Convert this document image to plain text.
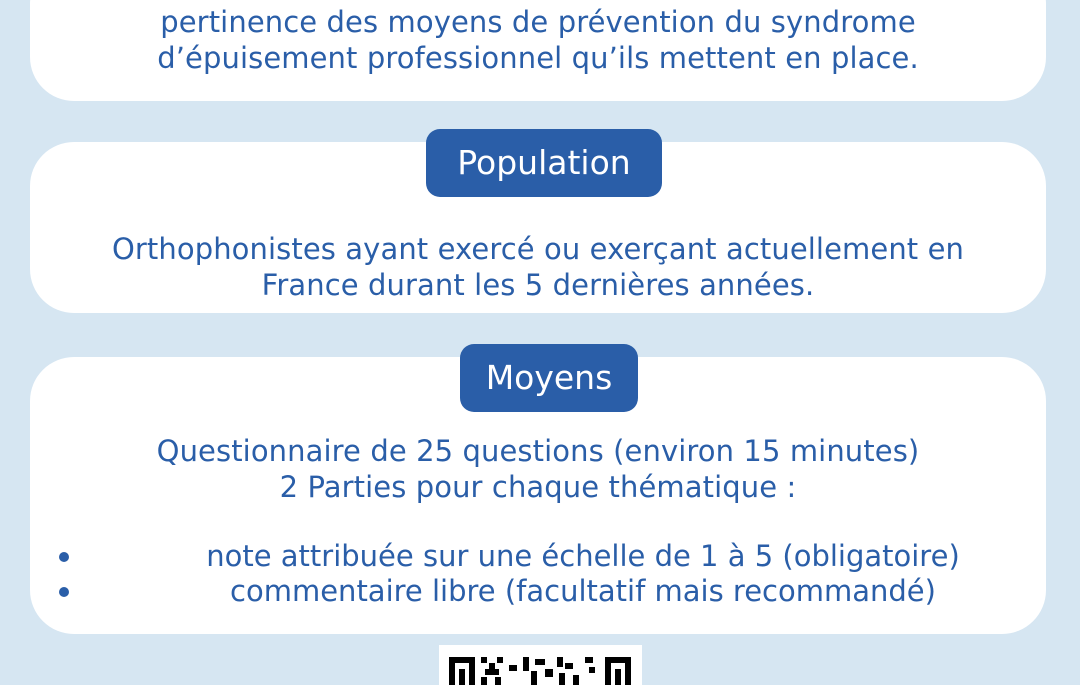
pertinence des moyens de prévention du syndrome
d’épuisement professionnel qu’ils mettent en place.

Orthophonistes ayant exercé ou exerçant actuellement en
France durant les 5 dernières années.

Population

Questionnaire de 25 questions (environ 15 minutes)
2 Parties pour chaque thématique :

note attribuée sur une échelle de 1 à 5 (obligatoire)
commentaire libre (facultatif mais recommandé)
Moyens
